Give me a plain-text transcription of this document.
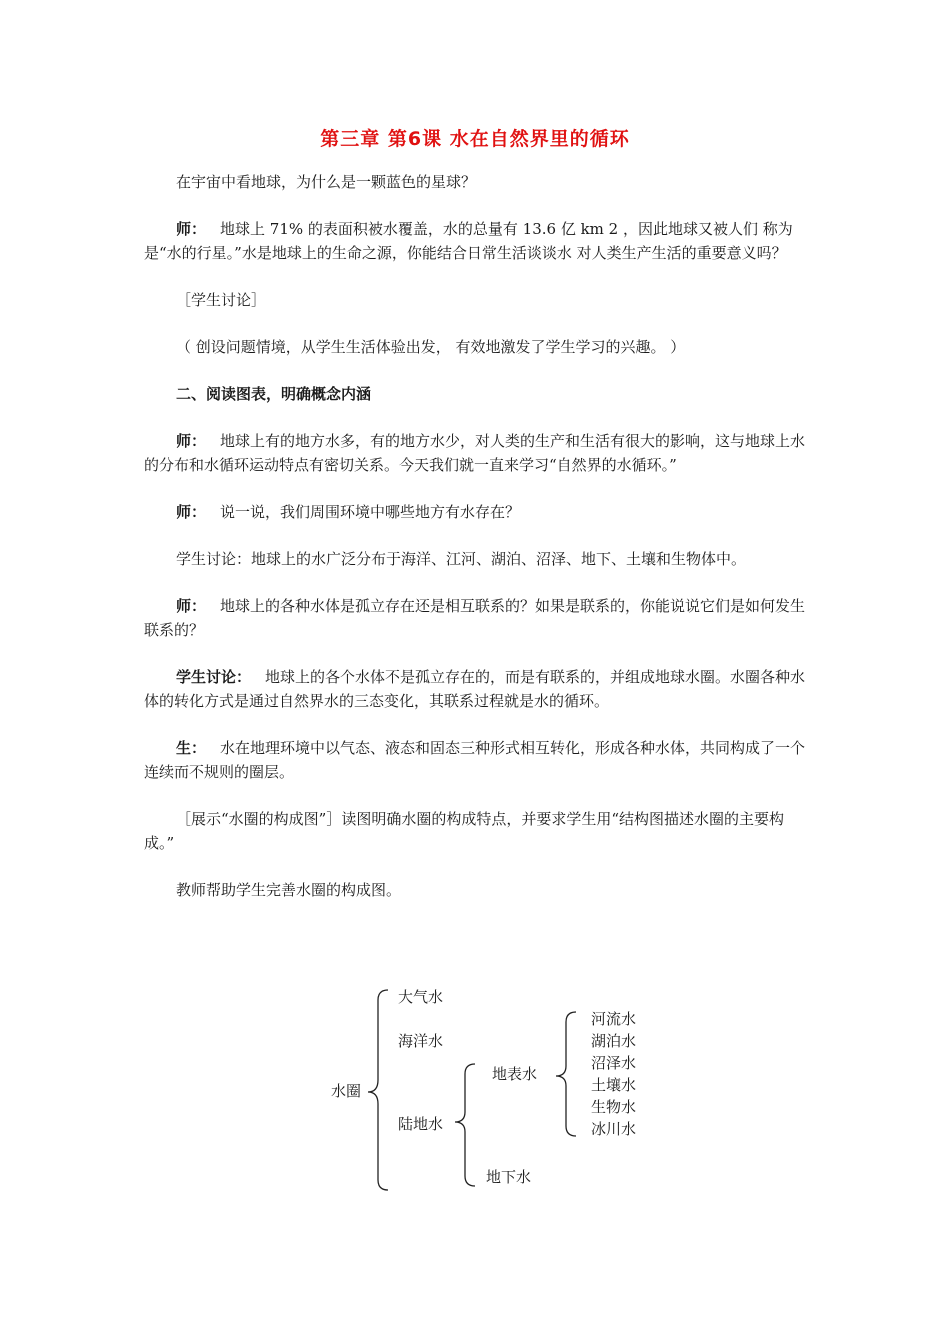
第三章 第6课 水在自然界里的循环

在宇宙中看地球，为什么是一颗蓝色的星球？

师： 地球上 71% 的表面积被水覆盖，水的总量有 13.6 亿 km 2 ，因此地球又被人们 称为是“水的行星。”水是地球上的生命之源，你能结合日常生活谈谈水 对人类生产生活的重要意义吗？

［学生讨论］

（ 创设问题情境，从学生生活体验出发， 有效地激发了学生学习的兴趣。 ）

二、阅读图表，明确概念内涵

师： 地球上有的地方水多，有的地方水少，对人类的生产和生活有很大的影响，这与地球上水的分布和水循环运动特点有密切关系。今天我们就一直来学习“自然界的水循环。”

师： 说一说，我们周围环境中哪些地方有水存在？

学生讨论：地球上的水广泛分布于海洋、江河、湖泊、沼泽、地下、土壤和生物体中。

师： 地球上的各种水体是孤立存在还是相互联系的？如果是联系的，你能说说它们是如何发生联系的？

学生讨论： 地球上的各个水体不是孤立存在的，而是有联系的，并组成地球水圈。水圈各种水体的转化方式是通过自然界水的三态变化，其联系过程就是水的循环。

生： 水在地理环境中以气态、液态和固态三种形式相互转化，形成各种水体，共同构成了一个连续而不规则的圈层。

［展示“水圈的构成图”］读图明确水圈的构成特点，并要求学生用“结构图描述水圈的主要构成。”

教师帮助学生完善水圈的构成图。

水圈
大气水
海洋水
陆地水
地表水
地下水
河流水
湖泊水
沼泽水
土壤水
生物水
冰川水
